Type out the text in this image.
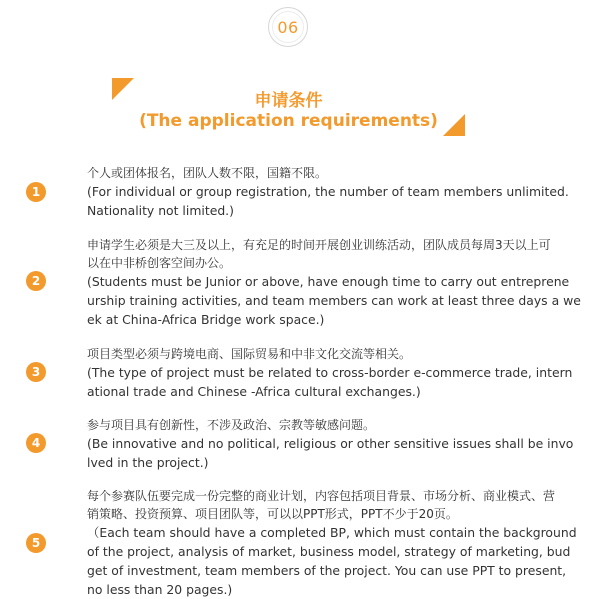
06
申请条件
(The application requirements)
1
个人或团体报名，团队人数不限，国籍不限。
(For individual or group registration, the number of team members unlimited.
Nationality not limited.)
2
申请学生必须是大三及以上，有充足的时间开展创业训练活动，团队成员每周3天以上可
以在中非桥创客空间办公。
(Students must be Junior or above, have enough time to carry out entreprene
urship training activities, and team members can work at least three days a we
ek at China-Africa Bridge work space.)
3
项目类型必须与跨境电商、国际贸易和中非文化交流等相关。
(The type of project must be related to cross-border e-commerce trade, intern
ational trade and Chinese -Africa cultural exchanges.)
4
参与项目具有创新性，不涉及政治、宗教等敏感问题。
(Be innovative and no political, religious or other sensitive issues shall be invo
lved in the project.)
5
每个参赛队伍要完成一份完整的商业计划，内容包括项目背景、市场分析、商业模式、营
销策略、投资预算、项目团队等，可以以PPT形式，PPT不少于20页。
（Each team should have a completed BP, which must contain the background
of the project, analysis of market, business model, strategy of marketing, bud
get of investment, team members of the project. You can use PPT to present,
no less than 20 pages.)
